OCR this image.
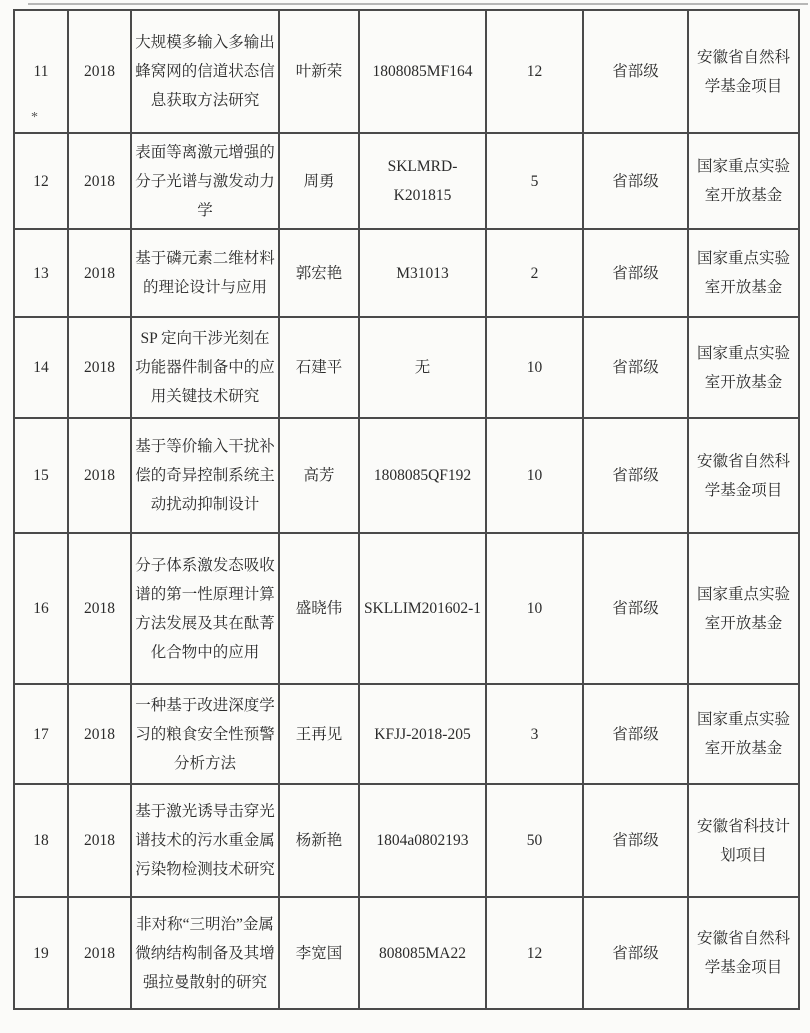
11	2018	大规模多输入多输出蜂窝网的信道状态信息获取方法研究	叶新荣	1808085MF164	12	省部级	安徽省自然科学基金项目
12	2018	表面等离激元增强的分子光谱与激发动力学	周勇	SKLMRD-K201815	5	省部级	国家重点实验室开放基金
13	2018	基于磷元素二维材料的理论设计与应用	郭宏艳	M31013	2	省部级	国家重点实验室开放基金
14	2018	SP 定向干涉光刻在功能器件制备中的应用关键技术研究	石建平	无	10	省部级	国家重点实验室开放基金
15	2018	基于等价输入干扰补偿的奇异控制系统主动扰动抑制设计	高芳	1808085QF192	10	省部级	安徽省自然科学基金项目
16	2018	分子体系激发态吸收谱的第一性原理计算方法发展及其在酞菁化合物中的应用	盛晓伟	SKLLIM201602-1	10	省部级	国家重点实验室开放基金
17	2018	一种基于改进深度学习的粮食安全性预警分析方法	王再见	KFJJ-2018-205	3	省部级	国家重点实验室开放基金
18	2018	基于激光诱导击穿光谱技术的污水重金属污染物检测技术研究	杨新艳	1804a0802193	50	省部级	安徽省科技计划项目
19	2018	非对称“三明治”金属微纳结构制备及其增强拉曼散射的研究	李宽国	808085MA22	12	省部级	安徽省自然科学基金项目
*
